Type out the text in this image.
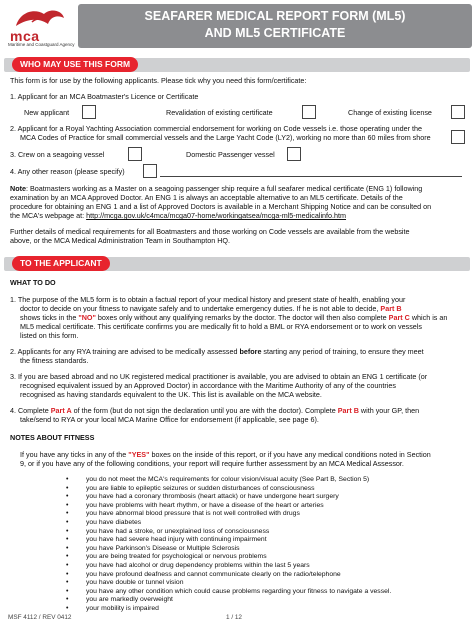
mca
Maritime and Coastguard Agency
SEAFARER MEDICAL REPORT FORM (ML5)
AND ML5 CERTIFICATE
WHO MAY USE THIS FORM
This form is for use by the following applicants. Please tick why you need this form/certificate:
1. Applicant for an MCA Boatmaster's Licence or Certificate
New applicant	Revalidation of existing certificate	Change of existing license
2. Applicant for a Royal Yachting Association commercial endorsement for working on Code vessels i.e. those operating under the
MCA Codes of Practice for small commercial vessels and the Large Yacht Code (LY2), working no more than 60 miles from shore
3. Crew on a seagoing vessel	Domestic Passenger vessel
4. Any other reason (please specify)
Note: Boatmasters working as a Master on a seagoing passenger ship require a full seafarer medical certificate (ENG 1) following
examination by an MCA Approved Doctor. An ENG 1 is always an acceptable alternative to an ML5 certificate. Details of the
procedure for obtaining an ENG 1 and a list of Approved Doctors is available in a Merchant Shipping Notice and can be consulted on
the MCA's webpage at: http://mcga.gov.uk/c4mca/mcga07-home/workingatsea/mcga-ml5-medicalinfo.htm
Further details of medical requirements for all Boatmasters and those working on Code vessels are available from the website
above, or the MCA Medical Administration Team in Southampton HQ.
TO THE APPLICANT
WHAT TO DO
1. The purpose of the ML5 form is to obtain a factual report of your medical history and present state of health, enabling your
doctor to decide on your fitness to navigate safely and to undertake emergency duties. If he is not able to decide, Part B
shows ticks in the "NO" boxes only without any qualifying remarks by the doctor. The doctor will then also complete Part C which is an
ML5 medical certificate. This certificate confirms you are medically fit to hold a BML or RYA endorsement or to work on vessels
listed on this form.
2. Applicants for any RYA training are advised to be medically assessed before starting any period of training, to ensure they meet
the fitness standards.
3. If you are based abroad and no UK registered medical practitioner is available, you are advised to obtain an ENG 1 certificate (or
recognised equivalent issued by an Approved Doctor) in accordance with the Maritime Authority of any of the countries
recognised as having standards equivalent to the UK. This list is available on the MCA website.
4. Complete Part A of the form (but do not sign the declaration until you are with the doctor). Complete Part B with your GP, then
take/send to RYA or your local MCA Marine Office for endorsement (if applicable, see page 6).
NOTES ABOUT FITNESS
If you have any ticks in any of the "YES" boxes on the inside of this report, or if you have any medical conditions noted in Section
9, or if you have any of the following conditions, your report will require further assessment by an MCA Medical Assessor.
•	you do not meet the MCA's requirements for colour vision/visual acuity (See Part B, Section 5)
•	you are liable to epileptic seizures or sudden disturbances of consciousness
•	you have had a coronary thrombosis (heart attack) or have undergone heart surgery
•	you have problems with heart rhythm, or have a disease of the heart or arteries
•	you have abnormal blood pressure that is not well controlled with drugs
•	you have diabetes
•	you have had a stroke, or unexplained loss of consciousness
•	you have had severe head injury with continuing impairment
•	you have Parkinson's Disease or Multiple Sclerosis
•	you are being treated for psychological or nervous problems
•	you have had alcohol or drug dependency problems within the last 5 years
•	you have profound deafness and cannot communicate clearly on the radio/telephone
•	you have double or tunnel vision
•	you have any other condition which could cause problems regarding your fitness to navigate a vessel.
•	you are markedly overweight
•	your mobility is impaired
MSF 4112 / REV 0412	1 / 12
